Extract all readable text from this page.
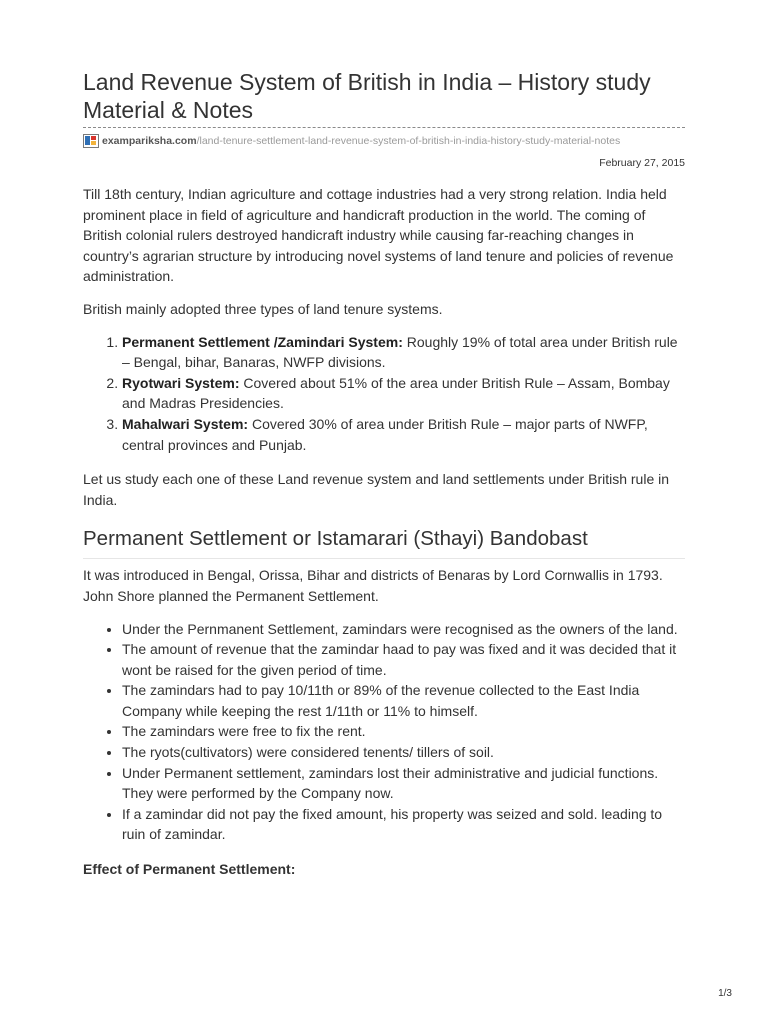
Land Revenue System of British in India – History study Material & Notes
examparikshа.com /land-tenure-settlement-land-revenue-system-of-british-in-india-history-study-material-notes
February 27, 2015

Till 18th century, Indian agriculture and cottage industries had a very strong relation. India held prominent place in field of agriculture and handicraft production in the world. The coming of British colonial rulers destroyed handicraft industry while causing far-reaching changes in country’s agrarian structure by introducing novel systems of land tenure and policies of revenue administration.

British mainly adopted three types of land tenure systems.

1. Permanent Settlement /Zamindari System: Roughly 19% of total area under British rule – Bengal, bihar, Banaras, NWFP divisions.
2. Ryotwari System: Covered about 51% of the area under British Rule – Assam, Bombay and Madras Presidencies.
3. Mahalwari System: Covered 30% of area under British Rule – major parts of NWFP, central provinces and Punjab.

Let us study each one of these Land revenue system and land settlements under British rule in India.

Permanent Settlement or Istamarari (Sthayi) Bandobast

It was introduced in Bengal, Orissa, Bihar and districts of Benaras by Lord Cornwallis in 1793. John Shore planned the Permanent Settlement.

• Under the Pernmanent Settlement, zamindars were recognised as the owners of the land.
• The amount of revenue that the zamindar haad to pay was fixed and it was decided that it wont be raised for the given period of time.
• The zamindars had to pay 10/11th or 89% of the revenue collected to the East India Company while keeping the rest 1/11th or 11% to himself.
• The zamindars were free to fix the rent.
• The ryots(cultivators) were considered tenents/ tillers of soil.
• Under Permanent settlement, zamindars lost their administrative and judicial functions. They were performed by the Company now.
• If a zamindar did not pay the fixed amount, his property was seized and sold. leading to ruin of zamindar.

Effect of Permanent Settlement:

1/3
